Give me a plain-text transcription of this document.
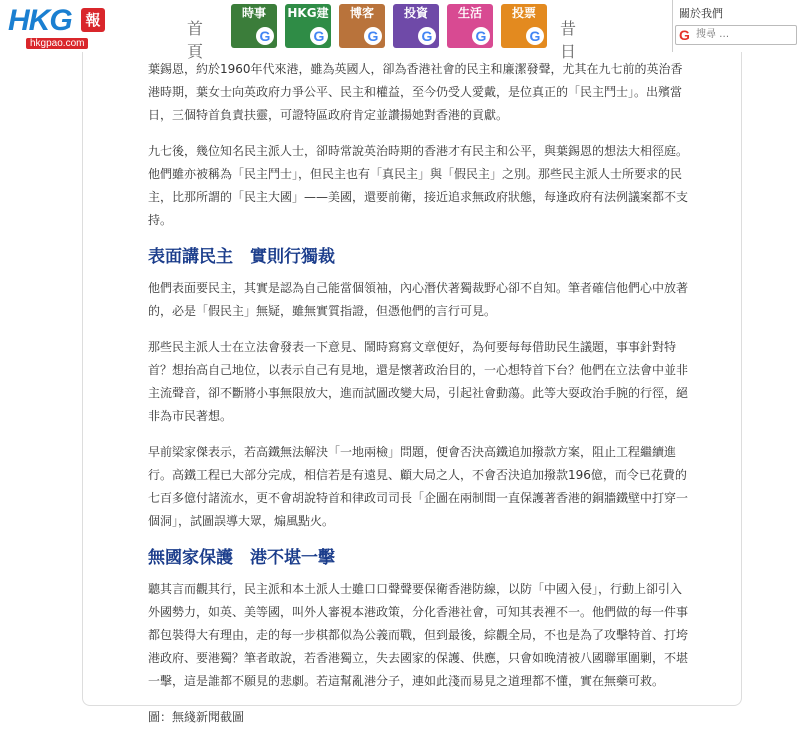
HKG 報
hkgpao.com
首頁
時事
G
HKG建
G
博客
G
投資
G
生活
G
投票
G 昔日
關於我們
G
搜尋 …

葉錫恩，約於1960年代來港，雖為英國人，卻為香港社會的民主和廉潔發聲，尤其在九七前的英治香港時期，葉女士向英政府力爭公平、民主和權益，至今仍受人愛戴，是位真正的「民主鬥士」。出殯當日，三個特首負責扶靈，可證特區政府肯定並讚揚她對香港的貢獻。

九七後，幾位知名民主派人士，卻時常說英治時期的香港才有民主和公平，與葉錫恩的想法大相徑庭。他們雖亦被稱為「民主鬥士」，但民主也有「真民主」與「假民主」之別。那些民主派人士所要求的民主，比那所謂的「民主大國」——美國，還要前衛，接近追求無政府狀態，每逢政府有法例議案都不支持。

表面講民主　實則行獨裁

他們表面要民主，其實是認為自己能當個領袖，內心潛伏著獨裁野心卻不自知。筆者確信他們心中放著的，必是「假民主」無疑，雖無實質指證，但憑他們的言行可見。

那些民主派人士在立法會發表一下意見、鬧時寫寫文章便好，為何要每每借助民生議題，事事針對特首？想抬高自己地位，以表示自己有見地，還是懷著政治目的，一心想特首下台？他們在立法會中並非主流聲音，卻不斷將小事無限放大，進而試圖改變大局，引起社會動蕩。此等大耍政治手腕的行徑，絕非為市民著想。

早前梁家傑表示，若高鐵無法解決「一地兩檢」問題，便會否決高鐵追加撥款方案，阻止工程繼續進行。高鐵工程已大部分完成，相信若是有遠見、顧大局之人，不會否決追加撥款196億，而令已花費的七百多億付諸流水，更不會胡說特首和律政司司長「企圖在兩制間一直保護著香港的銅牆鐵壁中打穿一個洞」，試圖誤導大眾，煽風點火。

無國家保護　港不堪一擊

聽其言而觀其行，民主派和本土派人士雖口口聲聲要保衛香港防線，以防「中國入侵」，行動上卻引入外國勢力，如英、美等國，叫外人審視本港政策，分化香港社會，可知其表裡不一。他們做的每一件事都包裝得大有理由，走的每一步棋都似為公義而戰，但到最後，綜觀全局，不也是為了攻擊特首、打垮港政府、要港獨？筆者敢說，若香港獨立，失去國家的保護、供應，只會如晚清被八國聯軍圍剿，不堪一擊，這是誰都不願見的悲劇。若這幫亂港分子，連如此淺而易見之道理都不懂，實在無藥可救。

圖：無綫新聞截圖
